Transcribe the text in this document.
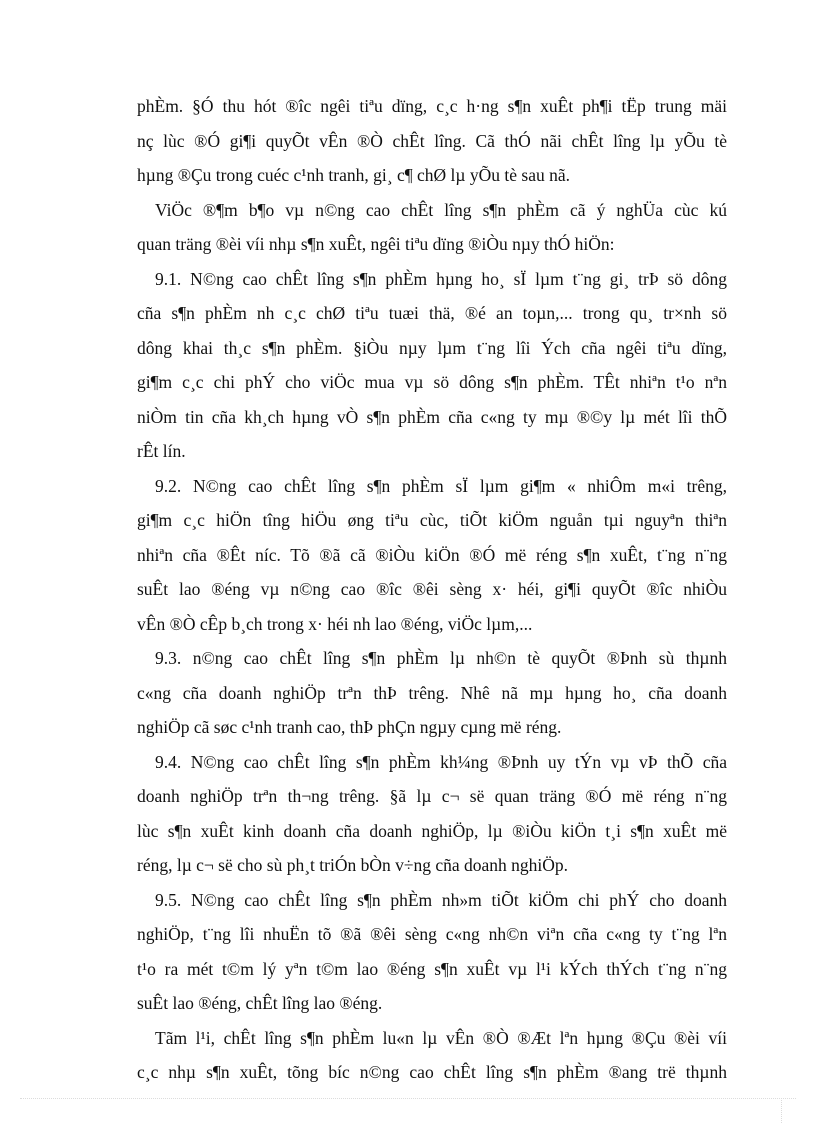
phÈm. §Ó thu hót ®îc ngêi tiªu dïng, c¸c h·ng s¶n xuÊt ph¶i tËp trung mäi
nç lùc ®Ó gi¶i quyÕt vÊn ®Ò chÊt lîng. Cã thÓ nãi chÊt lîng lµ yÕu tè
hµng ®Çu trong cuéc c¹nh tranh, gi¸ c¶ chØ lµ yÕu tè sau nã.
ViÖc ®¶m b¶o vµ n©ng cao chÊt lîng s¶n phÈm cã ý nghÜa cùc kú
quan träng ®èi víi nhµ s¶n xuÊt, ngêi tiªu dïng ®iÒu nµy thÓ hiÖn:
9.1. N©ng cao chÊt lîng s¶n phÈm hµng ho¸ sÏ lµm t¨ng gi¸ trÞ sö dông
cña s¶n phÈm nh c¸c chØ tiªu tuæi thä, ®é an toµn,... trong qu¸ tr×nh sö
dông khai th¸c s¶n phÈm. §iÒu nµy lµm t¨ng lîi Ých cña ngêi tiªu dïng,
gi¶m c¸c chi phÝ cho viÖc mua vµ sö dông s¶n phÈm. TÊt nhiªn t¹o nªn
niÒm tin cña kh¸ch hµng vÒ s¶n phÈm cña c«ng ty mµ ®©y lµ mét lîi thÕ
rÊt lín.
9.2. N©ng cao chÊt lîng s¶n phÈm sÏ lµm gi¶m « nhiÔm m«i trêng,
gi¶m c¸c hiÖn tîng hiÖu øng tiªu cùc, tiÕt kiÖm nguån tµi nguyªn thiªn
nhiªn cña ®Êt níc. Tõ ®ã cã ®iÒu kiÖn ®Ó më réng s¶n xuÊt, t¨ng n¨ng
suÊt lao ®éng vµ n©ng cao ®îc ®êi sèng x· héi, gi¶i quyÕt ®îc nhiÒu
vÊn ®Ò cÊp b¸ch trong x· héi nh lao ®éng, viÖc lµm,...
9.3. n©ng cao chÊt lîng s¶n phÈm lµ nh©n tè quyÕt ®Þnh sù thµnh
c«ng cña doanh nghiÖp trªn thÞ trêng. Nhê nã mµ hµng ho¸ cña doanh
nghiÖp cã søc c¹nh tranh cao, thÞ phÇn ngµy cµng më réng.
9.4. N©ng cao chÊt lîng s¶n phÈm kh¼ng ®Þnh uy tÝn vµ vÞ thÕ cña
doanh nghiÖp trªn th¬ng trêng. §ã lµ c¬ së quan träng ®Ó më réng n¨ng
lùc s¶n xuÊt kinh doanh cña doanh nghiÖp, lµ ®iÒu kiÖn t¸i s¶n xuÊt më
réng, lµ c¬ së cho sù ph¸t triÓn bÒn v÷ng cña doanh nghiÖp.
9.5. N©ng cao chÊt lîng s¶n phÈm nh»m tiÕt kiÖm chi phÝ cho doanh
nghiÖp, t¨ng lîi nhuËn tõ ®ã ®êi sèng c«ng nh©n viªn cña c«ng ty t¨ng lªn
t¹o ra mét t©m lý yªn t©m lao ®éng s¶n xuÊt vµ l¹i kÝch thÝch t¨ng n¨ng
suÊt lao ®éng, chÊt lîng lao ®éng.
Tãm l¹i, chÊt lîng s¶n phÈm lu«n lµ vÊn ®Ò ®Æt lªn hµng ®Çu ®èi víi
c¸c nhµ s¶n xuÊt, tõng bíc n©ng cao chÊt lîng s¶n phÈm ®ang trë thµnh
